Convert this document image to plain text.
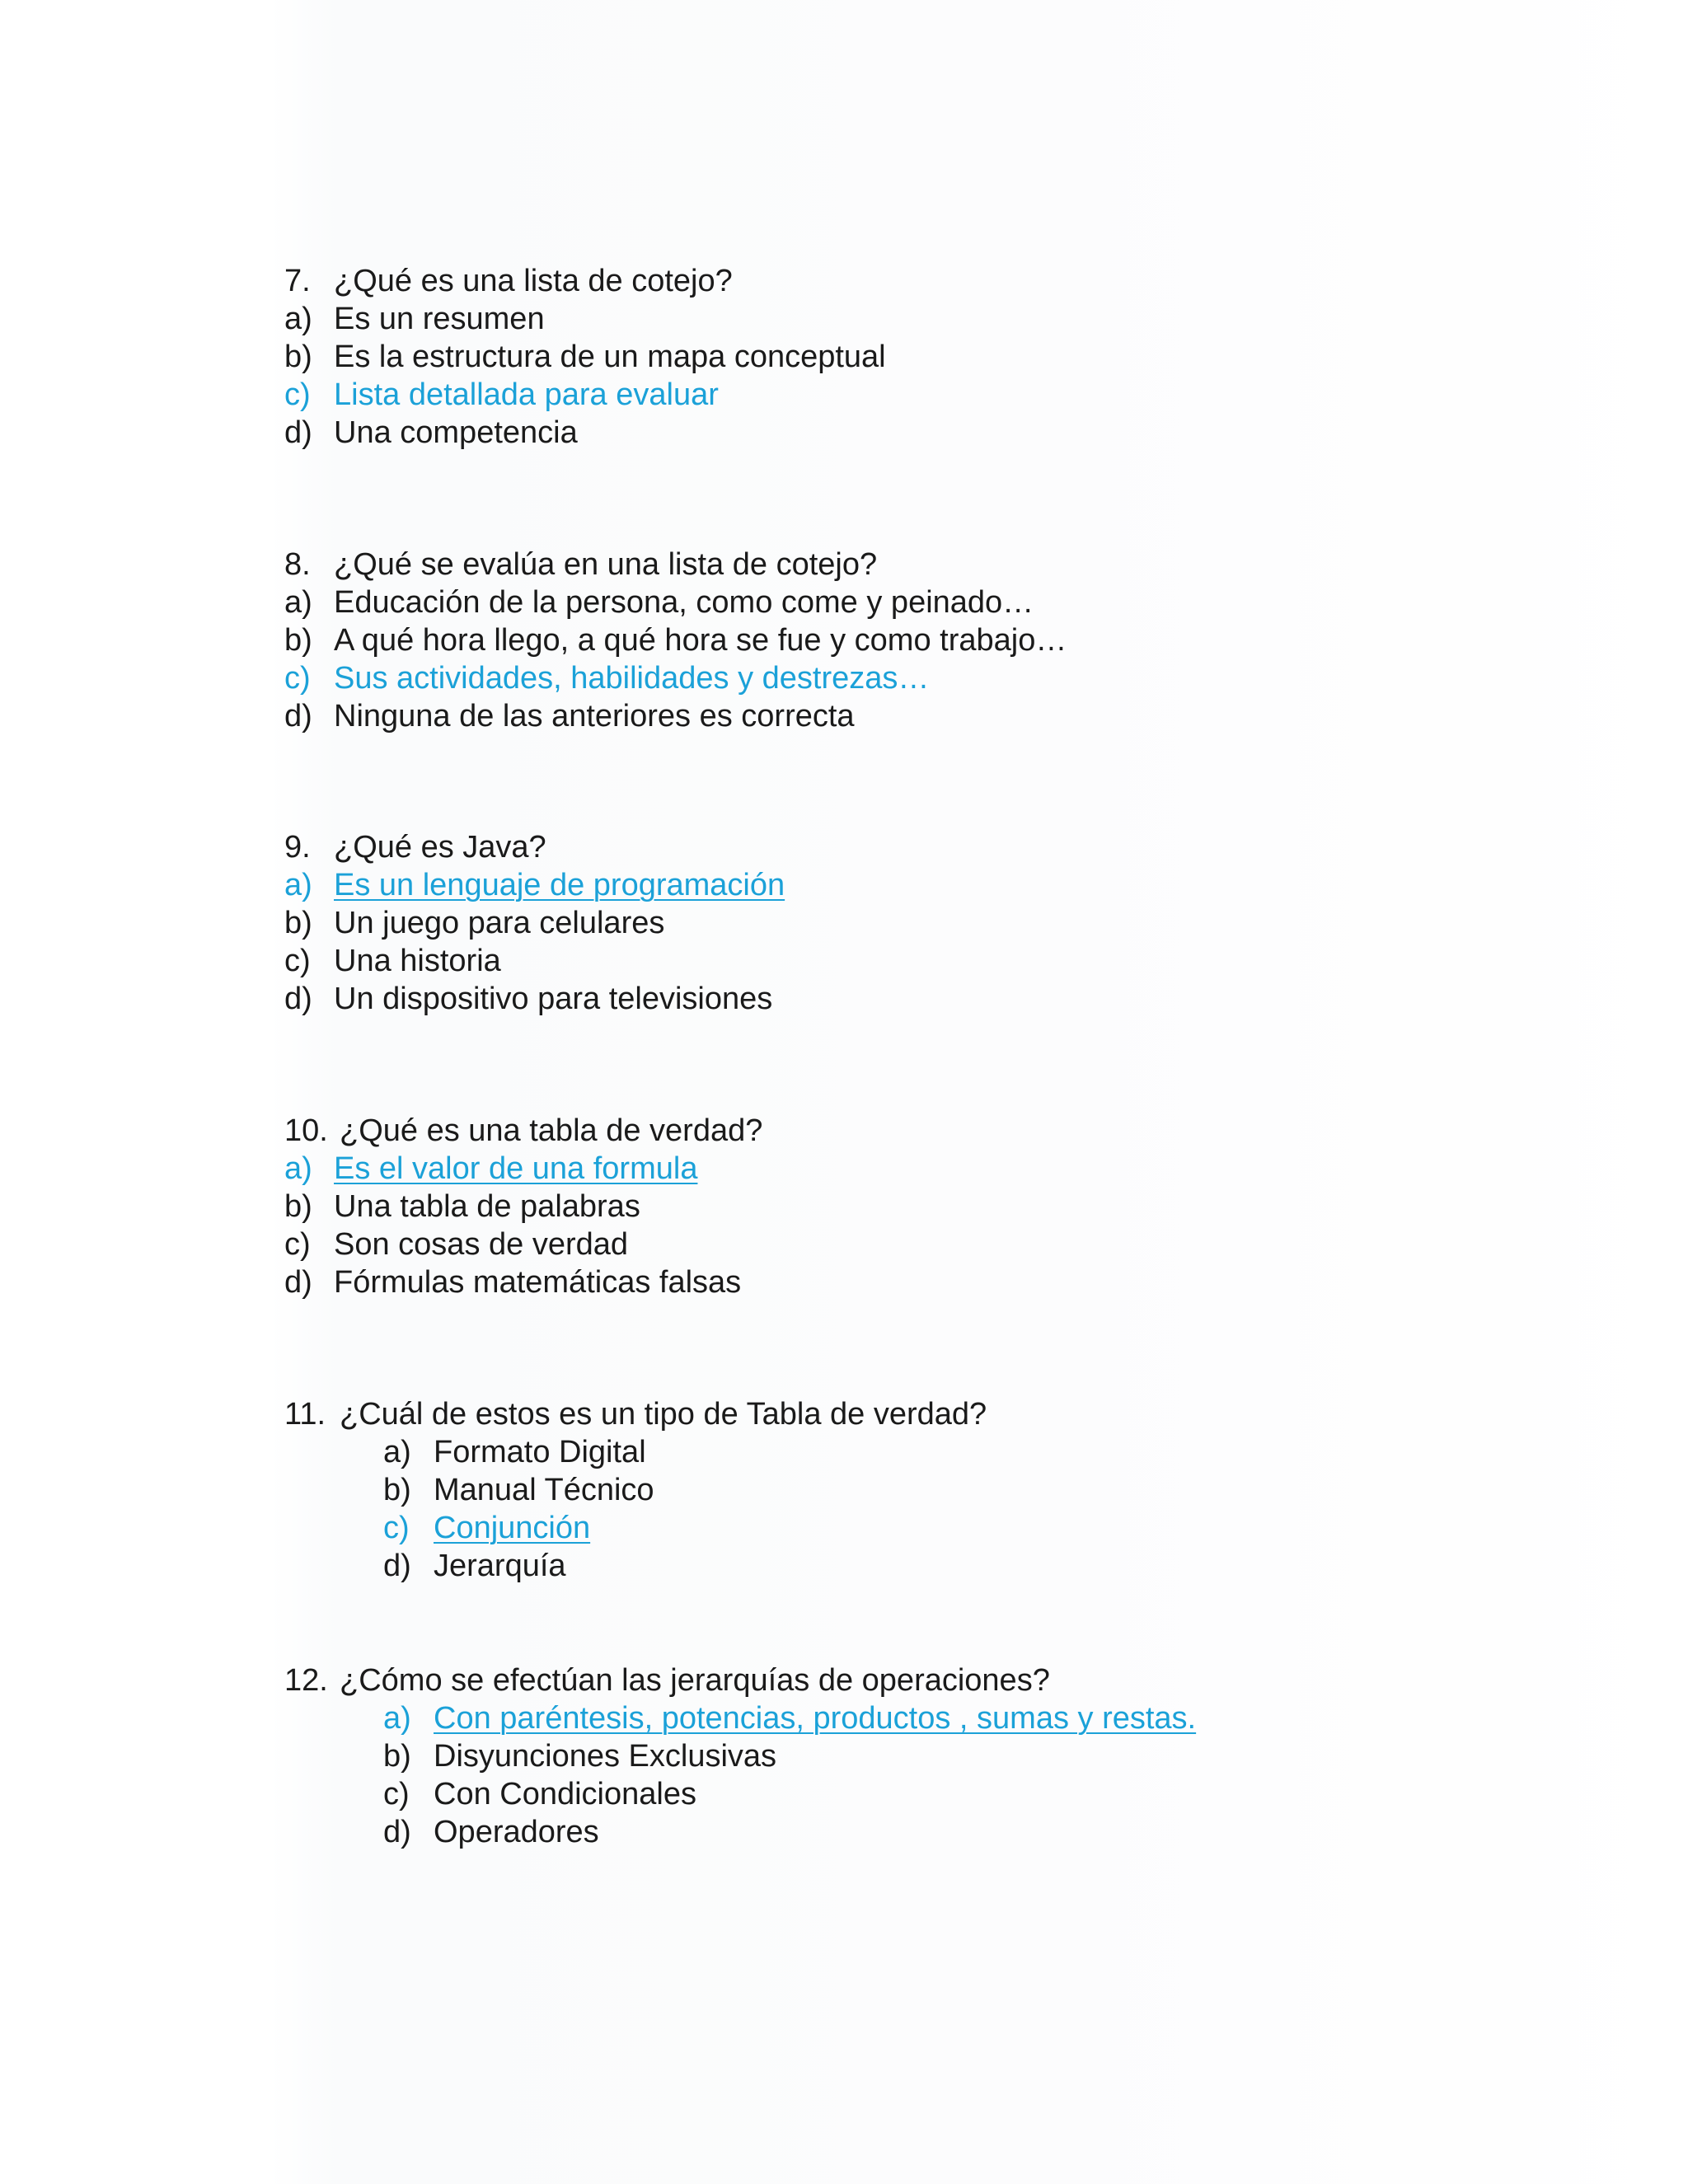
7. ¿Qué es una lista de cotejo?
a) Es un resumen
b) Es la estructura de un mapa conceptual
c) Lista detallada para evaluar
d) Una competencia
8. ¿Qué se evalúa en una lista de cotejo?
a) Educación de la persona, como come y peinado…
b) A qué hora llego, a qué hora se fue y como trabajo…
c) Sus actividades, habilidades y destrezas…
d) Ninguna de las anteriores es correcta
9. ¿Qué es Java?
a) Es un lenguaje de programación
b) Un juego para celulares
c) Una historia
d) Un dispositivo para televisiones
10. ¿Qué es una tabla de verdad?
a) Es el valor de una formula
b) Una tabla de palabras
c) Son cosas de verdad
d) Fórmulas matemáticas falsas
11. ¿Cuál de estos es un tipo de Tabla de verdad?
a) Formato Digital
b) Manual Técnico
c) Conjunción
d) Jerarquía
12. ¿Cómo se efectúan las jerarquías de operaciones?
a) Con paréntesis, potencias, productos , sumas y restas.
b) Disyunciones Exclusivas
c) Con Condicionales
d) Operadores
